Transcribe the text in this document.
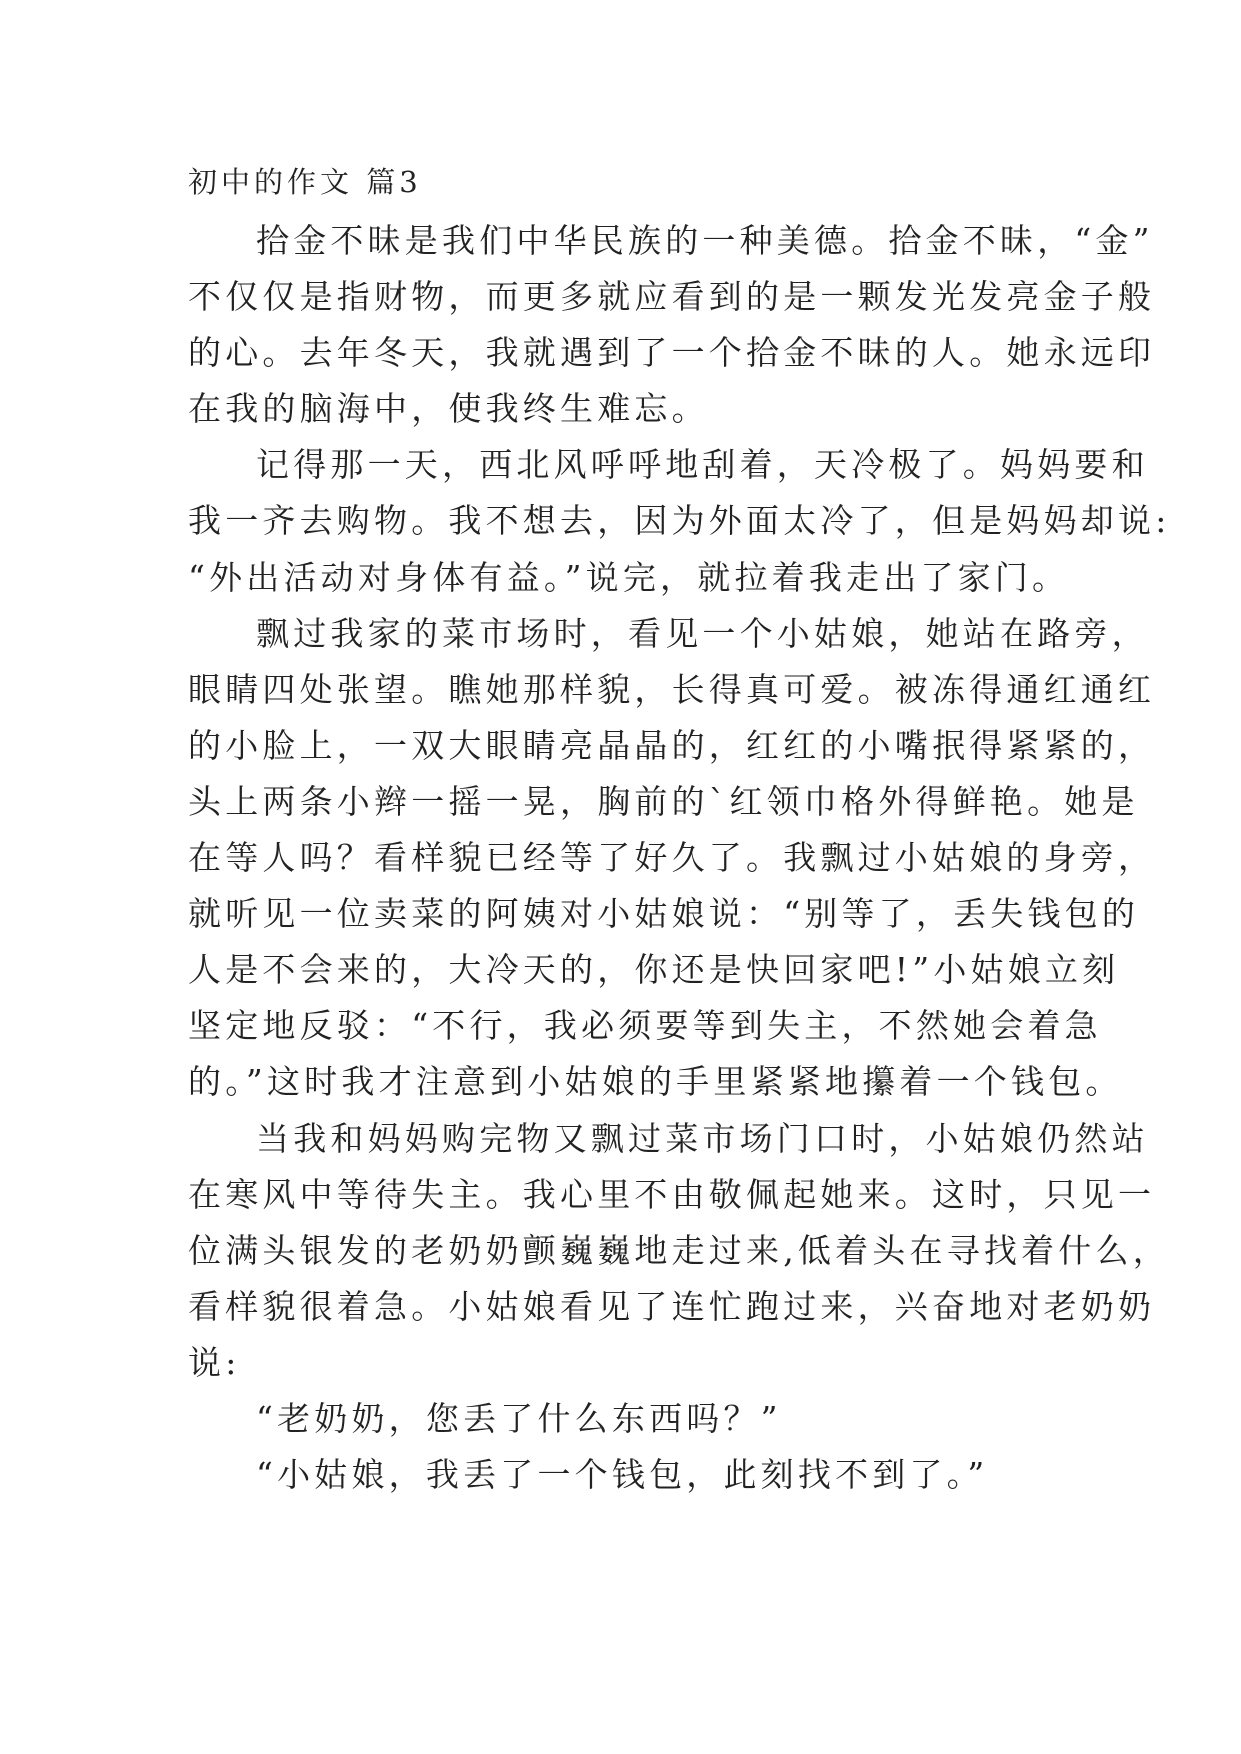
初中的作文 篇3
拾金不昧是我们中华民族的一种美德。拾金不昧，“金”
不仅仅是指财物，而更多就应看到的是一颗发光发亮金子般
的心。去年冬天，我就遇到了一个拾金不昧的人。她永远印
在我的脑海中，使我终生难忘。
记得那一天，西北风呼呼地刮着，天冷极了。妈妈要和
我一齐去购物。我不想去，因为外面太冷了，但是妈妈却说:
“外出活动对身体有益。”说完，就拉着我走出了家门。
飘过我家的菜市场时，看见一个小姑娘，她站在路旁，
眼睛四处张望。瞧她那样貌，长得真可爱。被冻得通红通红
的小脸上，一双大眼睛亮晶晶的，红红的小嘴抿得紧紧的，
头上两条小辫一摇一晃，胸前的`红领巾格外得鲜艳。她是
在等人吗？看样貌已经等了好久了。我飘过小姑娘的身旁，
就听见一位卖菜的阿姨对小姑娘说：“别等了，丢失钱包的
人是不会来的，大冷天的，你还是快回家吧!”小姑娘立刻
坚定地反驳：“不行，我必须要等到失主，不然她会着急
的。”这时我才注意到小姑娘的手里紧紧地攥着一个钱包。
当我和妈妈购完物又飘过菜市场门口时，小姑娘仍然站
在寒风中等待失主。我心里不由敬佩起她来。这时，只见一
位满头银发的老奶奶颤巍巍地走过来,低着头在寻找着什么，
看样貌很着急。小姑娘看见了连忙跑过来，兴奋地对老奶奶
说:
“老奶奶，您丢了什么东西吗？”
“小姑娘，我丢了一个钱包，此刻找不到了。”
